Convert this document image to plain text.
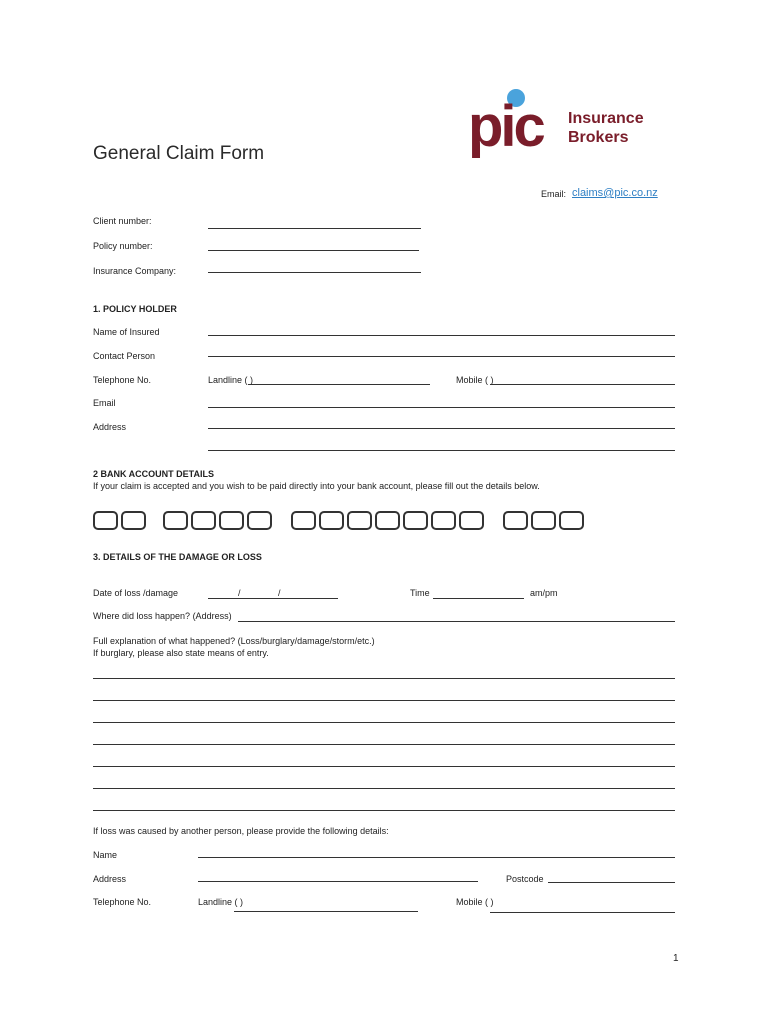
pic Insurance
Brokers
General Claim Form
Email: claims@pic.co.nz
Client number:
Policy number:
Insurance Company:
1. POLICY HOLDER
Name of Insured
Contact Person
Telephone No.	Landline ( )	Mobile ( )
Email
Address
2 BANK ACCOUNT DETAILS
If your claim is accepted and you wish to be paid directly into your bank account, please fill out the details below.
3. DETAILS OF THE DAMAGE OR LOSS
Date of loss /damage	/	/	Time	am/pm
Where did loss happen? (Address)
Full explanation of what happened? (Loss/burglary/damage/storm/etc.)
If burglary, please also state means of entry.
If loss was caused by another person, please provide the following details:
Name
Address	Postcode
Telephone No.	Landline ( )	Mobile ( )
1
